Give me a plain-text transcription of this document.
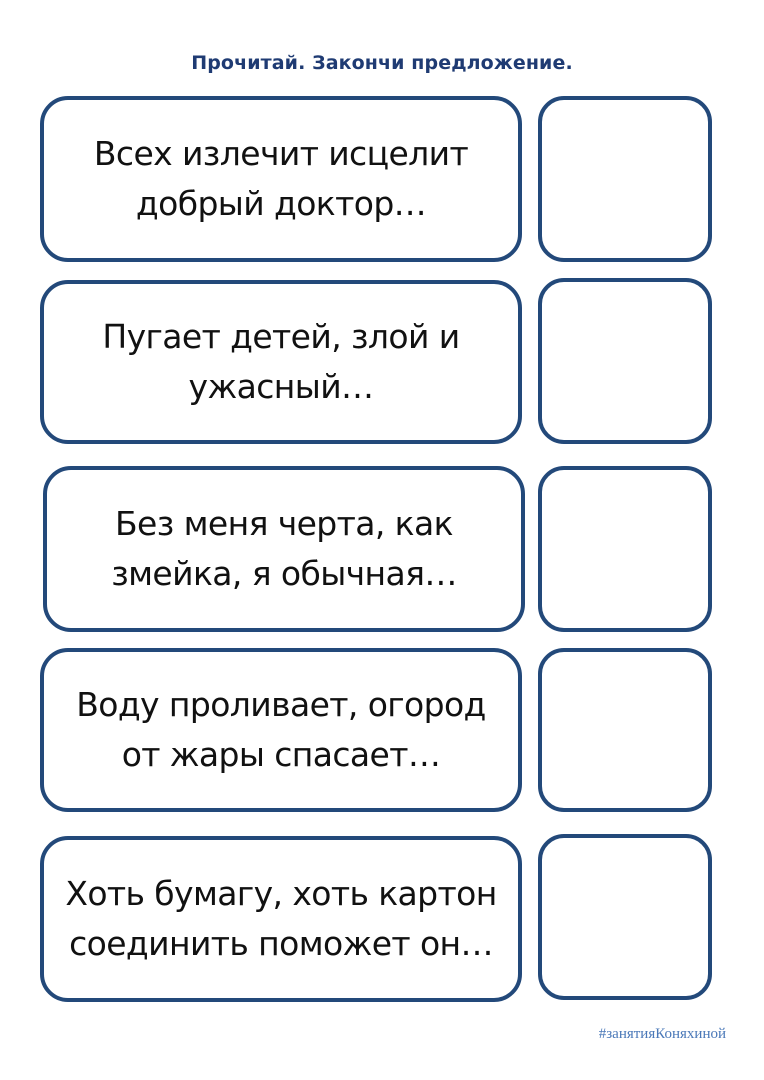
Прочитай. Закончи предложение.
Всех излечит исцелит
добрый доктор…
Пугает детей, злой и
ужасный…
Без меня черта, как
змейка, я обычная…
Воду проливает, огород
от жары спасает…
Хоть бумагу, хоть картон
соединить поможет он…
#занятияКоняхиной
